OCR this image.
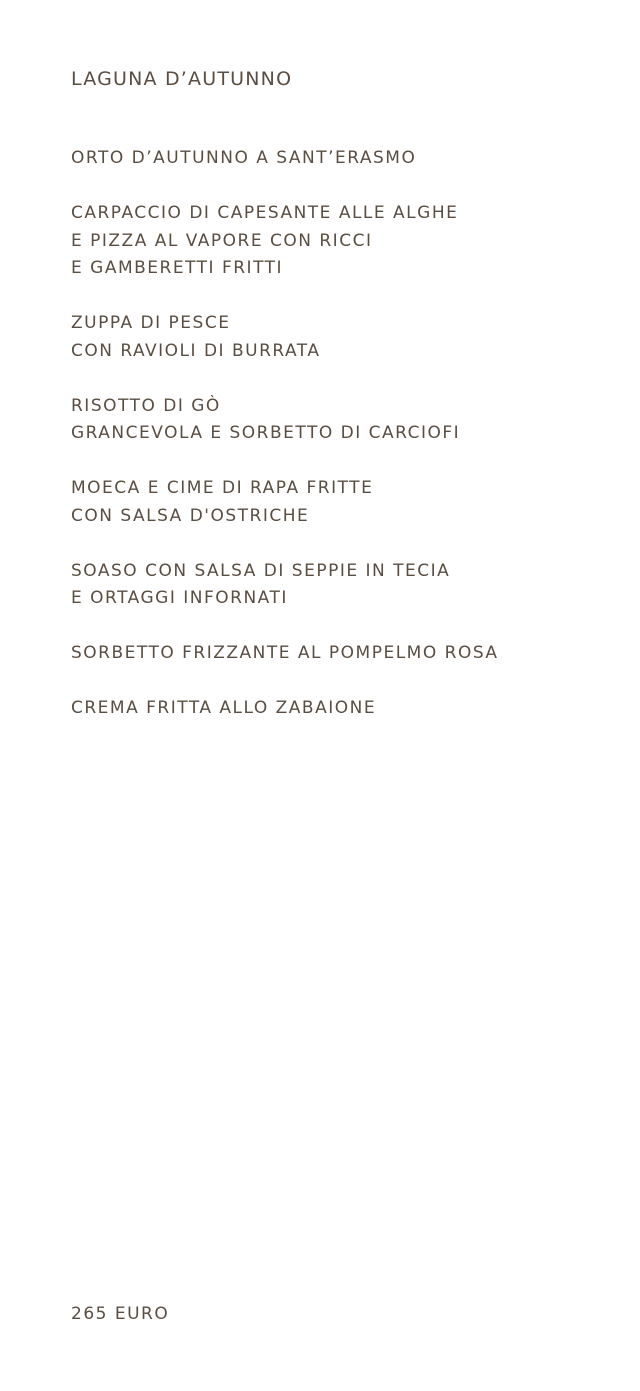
LAGUNA D’AUTUNNO
ORTO D’AUTUNNO A SANT’ERASMO
CARPACCIO DI CAPESANTE ALLE ALGHE
E PIZZA AL VAPORE CON RICCI
E GAMBERETTI FRITTI
ZUPPA DI PESCE
CON RAVIOLI DI BURRATA
RISOTTO DI GÒ
GRANCEVOLA E SORBETTO DI CARCIOFI
MOECA E CIME DI RAPA FRITTE
CON SALSA D'OSTRICHE
SOASO CON SALSA DI SEPPIE IN TECIA
E ORTAGGI INFORNATI
SORBETTO FRIZZANTE AL POMPELMO ROSA
CREMA FRITTA ALLO ZABAIONE
265 EURO
